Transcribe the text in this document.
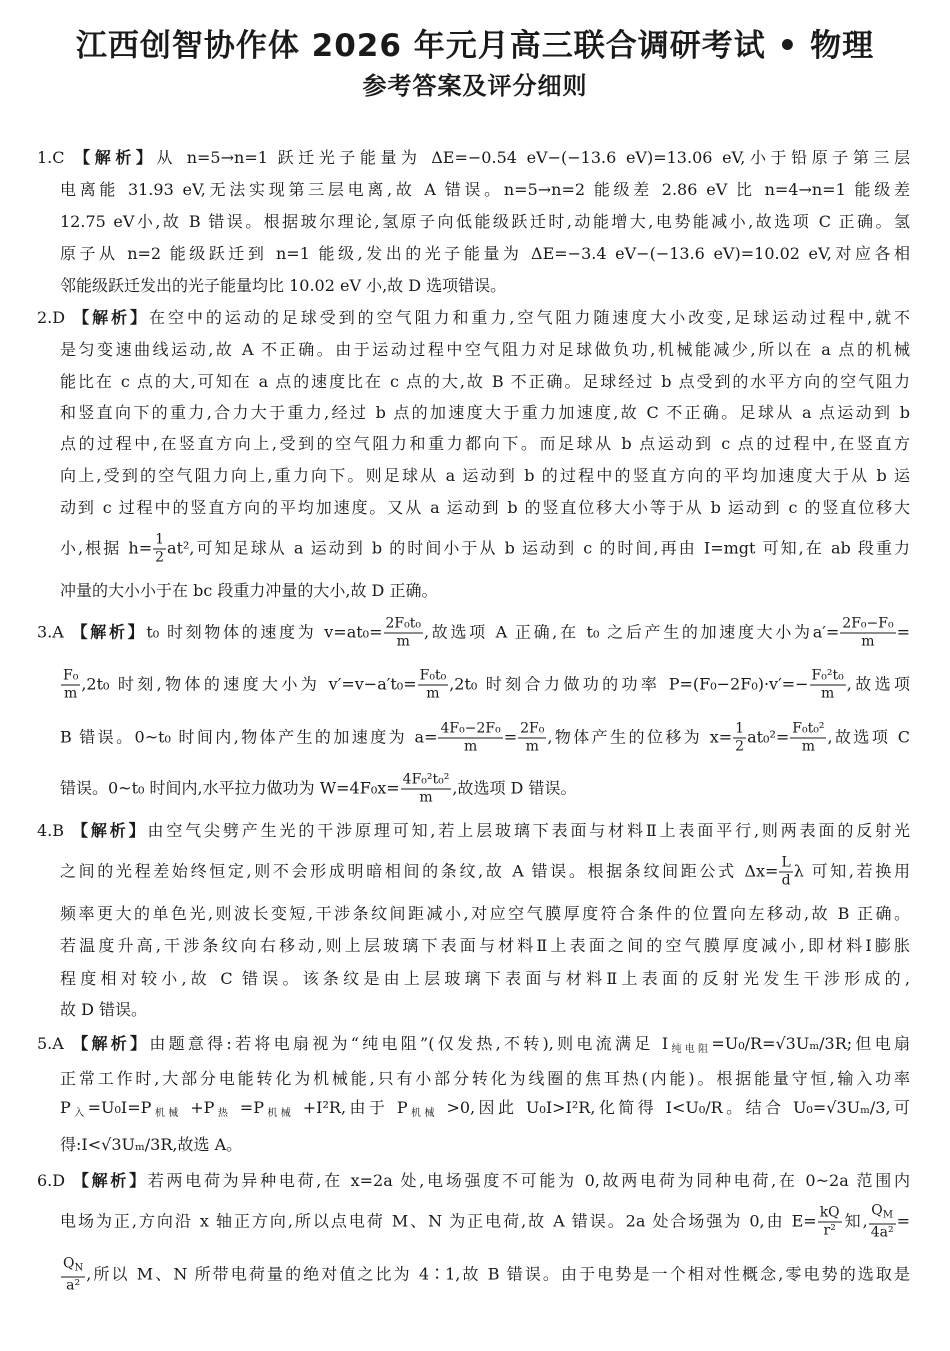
江西创智协作体 2026 年元月高三联合调研考试 • 物理
参考答案及评分细则
1.C 【解析】从 n=5→n=1 跃迁光子能量为 ΔE=−0.54 eV−(−13.6 eV)=13.06 eV,小于铅原子第三层
电离能 31.93 eV,无法实现第三层电离,故 A 错误。n=5→n=2 能级差 2.86 eV 比 n=4→n=1 能级差
12.75 eV小,故 B 错误。根据玻尔理论,氢原子向低能级跃迁时,动能增大,电势能减小,故选项 C 正确。氢
原子从 n=2 能级跃迁到 n=1 能级,发出的光子能量为 ΔE=−3.4 eV−(−13.6 eV)=10.02 eV,对应各相
邻能级跃迁发出的光子能量均比 10.02 eV 小,故 D 选项错误。
2.D 【解析】在空中的运动的足球受到的空气阻力和重力,空气阻力随速度大小改变,足球运动过程中,就不
是匀变速曲线运动,故 A 不正确。由于运动过程中空气阻力对足球做负功,机械能减少,所以在 a 点的机械
能比在 c 点的大,可知在 a 点的速度比在 c 点的大,故 B 不正确。足球经过 b 点受到的水平方向的空气阻力
和竖直向下的重力,合力大于重力,经过 b 点的加速度大于重力加速度,故 C 不正确。足球从 a 点运动到 b
点的过程中,在竖直方向上,受到的空气阻力和重力都向下。而足球从 b 点运动到 c 点的过程中,在竖直方
向上,受到的空气阻力向上,重力向下。则足球从 a 运动到 b 的过程中的竖直方向的平均加速度大于从 b 运
动到 c 过程中的竖直方向的平均加速度。又从 a 运动到 b 的竖直位移大小等于从 b 运动到 c 的竖直位移大
小,根据 $h= \frac{1}{2} at^2$,可知足球从 a 运动到 b 的时间小于从 b 运动到 c 的时间,再由 I=mgt 可知,在 ab 段重力
冲量的大小小于在 bc 段重力冲量的大小,故 D 正确。
3.A 【解析】t₀ 时刻物体的速度为 $v=at_0= \frac{\text{2F₀t₀}}{m}$ ,故选项 A 正确,在 t₀ 之后产生的加速度大小为$a'= \frac{\text{2F₀−F₀}}{m}$ =
$\frac{\text{F₀}}{m} ,2t_0$ 时刻,物体的速度大小为 $v'=v-a't_0= \frac{\text{F₀t₀}}{m} ,2t_0$ 时刻合力做功的功率 $P=(F_0-2F_0)\cdot v'=- \frac{\text{F₀²t₀}}{m}$ ,故选项
B 错误。0~t₀ 时间内,物体产生的加速度为 $a= \frac{\text{4F₀−2F₀}}{m} = \frac{\text{2F₀}}{m}$ ,物体产生的位移为 $x= \frac{1}{2} at_0^2= \frac{\text{F₀t₀²}}{m}$ ,故选项 C
错误。0~t₀ 时间内,水平拉力做功为 $W=4F_0x= \frac{\text{4F₀²t₀²}}{m}$ ,故选项 D 错误。
4.B 【解析】由空气尖劈产生光的干涉原理可知,若上层玻璃下表面与材料Ⅱ上表面平行,则两表面的反射光
之间的光程差始终恒定,则不会形成明暗相间的条纹,故 A 错误。根据条纹间距公式 $\Delta x= \frac{L}{d}$ λ 可知,若换用
频率更大的单色光,则波长变短,干涉条纹间距减小,对应空气膜厚度符合条件的位置向左移动,故 B 正确。
若温度升高,干涉条纹向右移动,则上层玻璃下表面与材料Ⅱ上表面之间的空气膜厚度减小,即材料Ⅰ膨胀
程度相对较小,故 C 错误。该条纹是由上层玻璃下表面与材料Ⅱ上表面的反射光发生干涉形成的,
故 D 错误。
5.A 【解析】由题意得:若将电扇视为“纯电阻”(仅发热,不转),则电流满足 $I_{纯电阻}=U_0/R=√3U_m/3R$;但电扇
正常工作时,大部分电能转化为机械能,只有小部分转化为线圈的焦耳热(内能)。根据能量守恒,输入功率
$P_入=U_0I=P_{机械} +P_热 =P_{机械} +I^2R$,由于 $P_{机械} >0$,因此 U₀I>I²R,化简得 I<U₀/R。结合 U₀=√3Uₘ/3,可
得:I<√3Uₘ/3R,故选 A。
6.D 【解析】若两电荷为异种电荷,在 x=2a 处,电场强度不可能为 0,故两电荷为同种电荷,在 0~2a 范围内
电场为正,方向沿 x 轴正方向,所以点电荷 M、N 为正电荷,故 A 错误。2a 处合场强为 0,由 $E= \frac{kQ}{\text{r²}}$ 知, $\frac{Q_M}{\text{4a²}}$ =
$\frac{Q_N}{\text{a²}}$ ,所以 M、N 所带电荷量的绝对值之比为 4∶1,故 B 错误。由于电势是一个相对性概念,零电势的选取是
